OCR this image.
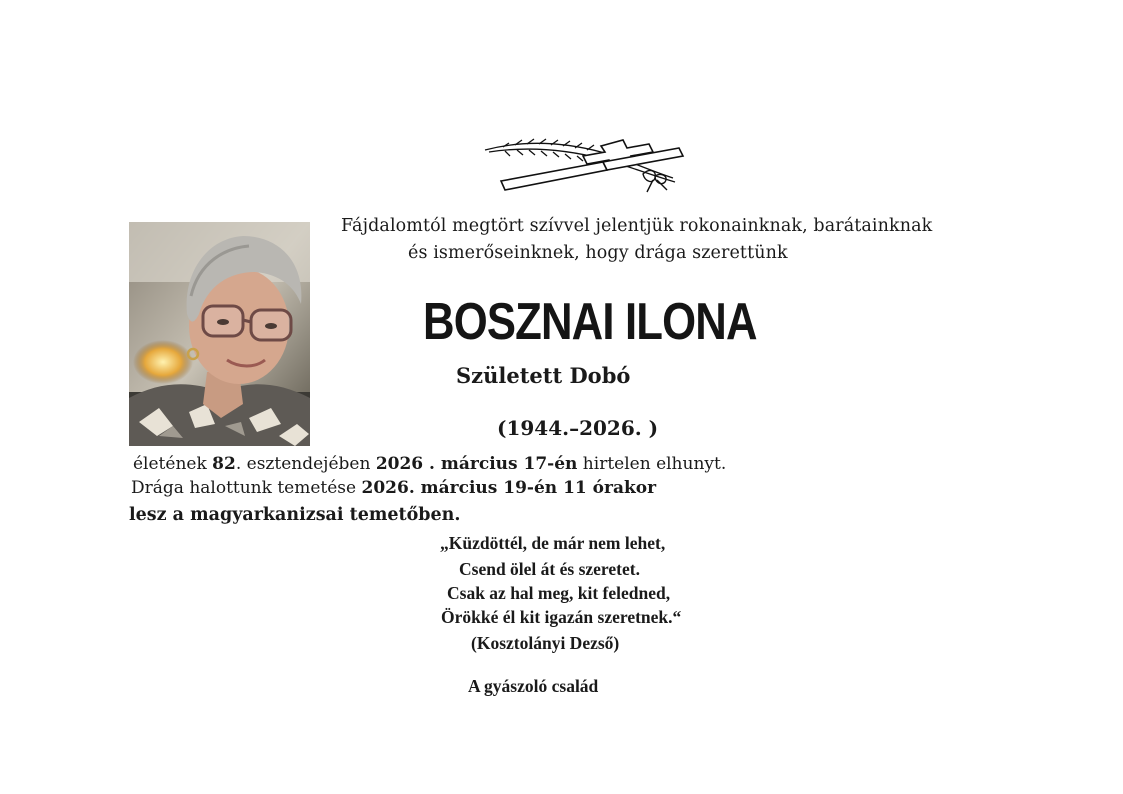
Fájdalomtól megtört szívvel jelentjük rokonainknak, barátainknak
és ismerőseinknek, hogy drága szerettünk
BOSZNAI ILONA
Született Dobó
(1944.–2026. )
életének 82. esztendejében 2026 . március 17-én hirtelen elhunyt.
Drága halottunk temetése 2026. március 19-én 11 órakor
lesz a magyarkanizsai temetőben.
„Küzdöttél, de már nem lehet,
Csend ölel át és szeretet.
Csak az hal meg, kit feledned,
Örökké él kit igazán szeretnek.“
(Kosztolányi Dezső)
A gyászoló család
